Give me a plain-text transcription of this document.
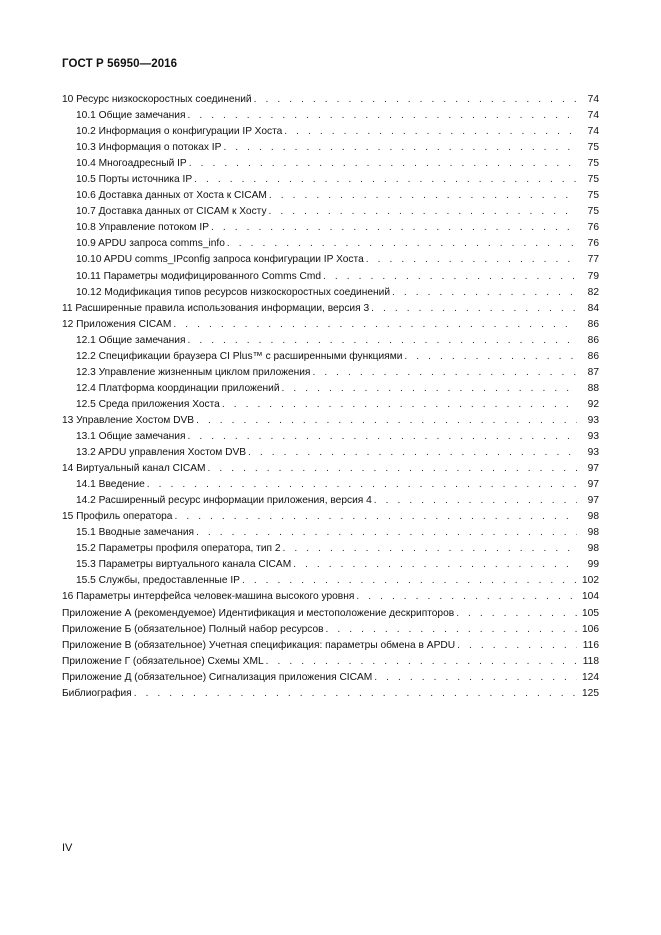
ГОСТ Р 56950—2016
10 Ресурс низкоскоростных соединений . . .	74
10.1 Общие замечания . . .	74
10.2 Информация о конфигурации IP Хоста . . .	74
10.3 Информация о потоках IP . . .	75
10.4 Многоадресный IP . . .	75
10.5 Порты источника IP . . .	75
10.6 Доставка данных от Хоста к CICAM . . .	75
10.7 Доставка данных от CICAM к Хосту . . .	75
10.8 Управление потоком IP . . .	76
10.9 APDU запроса comms_info . . .	76
10.10 APDU comms_IPconfig запроса конфигурации IP Хоста . . .	77
10.11 Параметры модифицированного Comms Cmd . . .	79
10.12 Модификация типов ресурсов низкоскоростных соединений . . .	82
11 Расширенные правила использования информации, версия 3 . . .	84
12 Приложения CICAM . . .	86
12.1 Общие замечания . . .	86
12.2 Спецификации браузера CI Plus™ с расширенными функциями . . .	86
12.3 Управление жизненным циклом приложения . . .	87
12.4 Платформа координации приложений . . .	88
12.5 Среда приложения Хоста . . .	92
13 Управление Хостом DVB . . .	93
13.1 Общие замечания . . .	93
13.2 APDU управления Хостом DVB . . .	93
14 Виртуальный канал CICAM . . .	97
14.1 Введение . . .	97
14.2 Расширенный ресурс информации приложения, версия 4 . . .	97
15 Профиль оператора . . .	98
15.1 Вводные замечания . . .	98
15.2 Параметры профиля оператора, тип 2 . . .	98
15.3 Параметры виртуального канала CICAM . . .	99
15.5 Службы, предоставленные IP . . .	102
16 Параметры интерфейса человек-машина высокого уровня . . .	104
Приложение А (рекомендуемое) Идентификация и местоположение дескрипторов . . .	105
Приложение Б (обязательное) Полный набор ресурсов . . .	106
Приложение В (обязательное) Учетная спецификация: параметры обмена в APDU . . .	116
Приложение Г (обязательное) Схемы XML . . .	118
Приложение Д (обязательное) Сигнализация приложения CICAM . . .	124
Библиография . . .	125
IV
